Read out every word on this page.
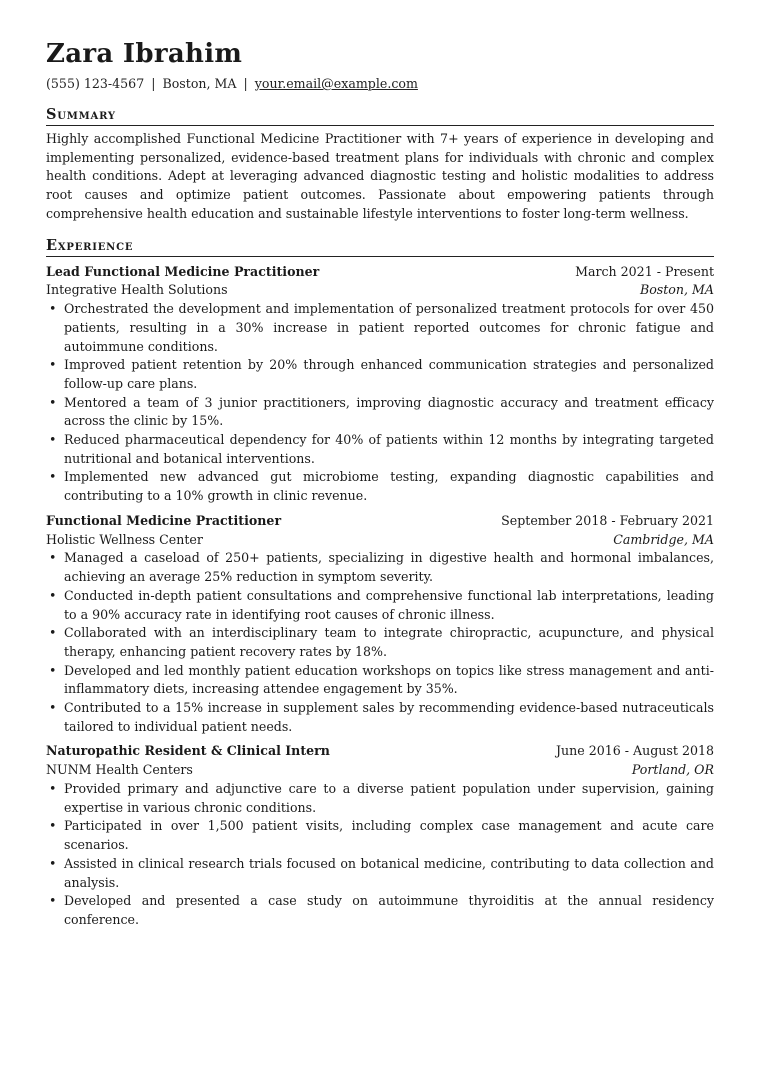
Zara Ibrahim
(555) 123-4567 | Boston, MA | your.email@example.com
Summary
Highly accomplished Functional Medicine Practitioner with 7+ years of experience in developing and implementing personalized, evidence-based treatment plans for individuals with chronic and complex health conditions. Adept at leveraging advanced diagnostic testing and holistic modalities to address root causes and optimize patient outcomes. Passionate about empowering patients through comprehensive health education and sustainable lifestyle interventions to foster long-term wellness.
Experience
Lead Functional Medicine Practitioner	March 2021 - Present
Integrative Health Solutions	Boston, MA
• Orchestrated the development and implementation of personalized treatment protocols for over 450 patients, resulting in a 30% increase in patient reported outcomes for chronic fatigue and autoimmune conditions.
• Improved patient retention by 20% through enhanced communication strategies and personalized follow-up care plans.
• Mentored a team of 3 junior practitioners, improving diagnostic accuracy and treatment efficacy across the clinic by 15%.
• Reduced pharmaceutical dependency for 40% of patients within 12 months by integrating targeted nutritional and botanical interventions.
• Implemented new advanced gut microbiome testing, expanding diagnostic capabilities and contributing to a 10% growth in clinic revenue.
Functional Medicine Practitioner	September 2018 - February 2021
Holistic Wellness Center	Cambridge, MA
• Managed a caseload of 250+ patients, specializing in digestive health and hormonal imbalances, achieving an average 25% reduction in symptom severity.
• Conducted in-depth patient consultations and comprehensive functional lab interpretations, leading to a 90% accuracy rate in identifying root causes of chronic illness.
• Collaborated with an interdisciplinary team to integrate chiropractic, acupuncture, and physical therapy, enhancing patient recovery rates by 18%.
• Developed and led monthly patient education workshops on topics like stress management and anti-inflammatory diets, increasing attendee engagement by 35%.
• Contributed to a 15% increase in supplement sales by recommending evidence-based nutraceuticals tailored to individual patient needs.
Naturopathic Resident & Clinical Intern	June 2016 - August 2018
NUNM Health Centers	Portland, OR
• Provided primary and adjunctive care to a diverse patient population under supervision, gaining expertise in various chronic conditions.
• Participated in over 1,500 patient visits, including complex case management and acute care scenarios.
• Assisted in clinical research trials focused on botanical medicine, contributing to data collection and analysis.
• Developed and presented a case study on autoimmune thyroiditis at the annual residency conference.
